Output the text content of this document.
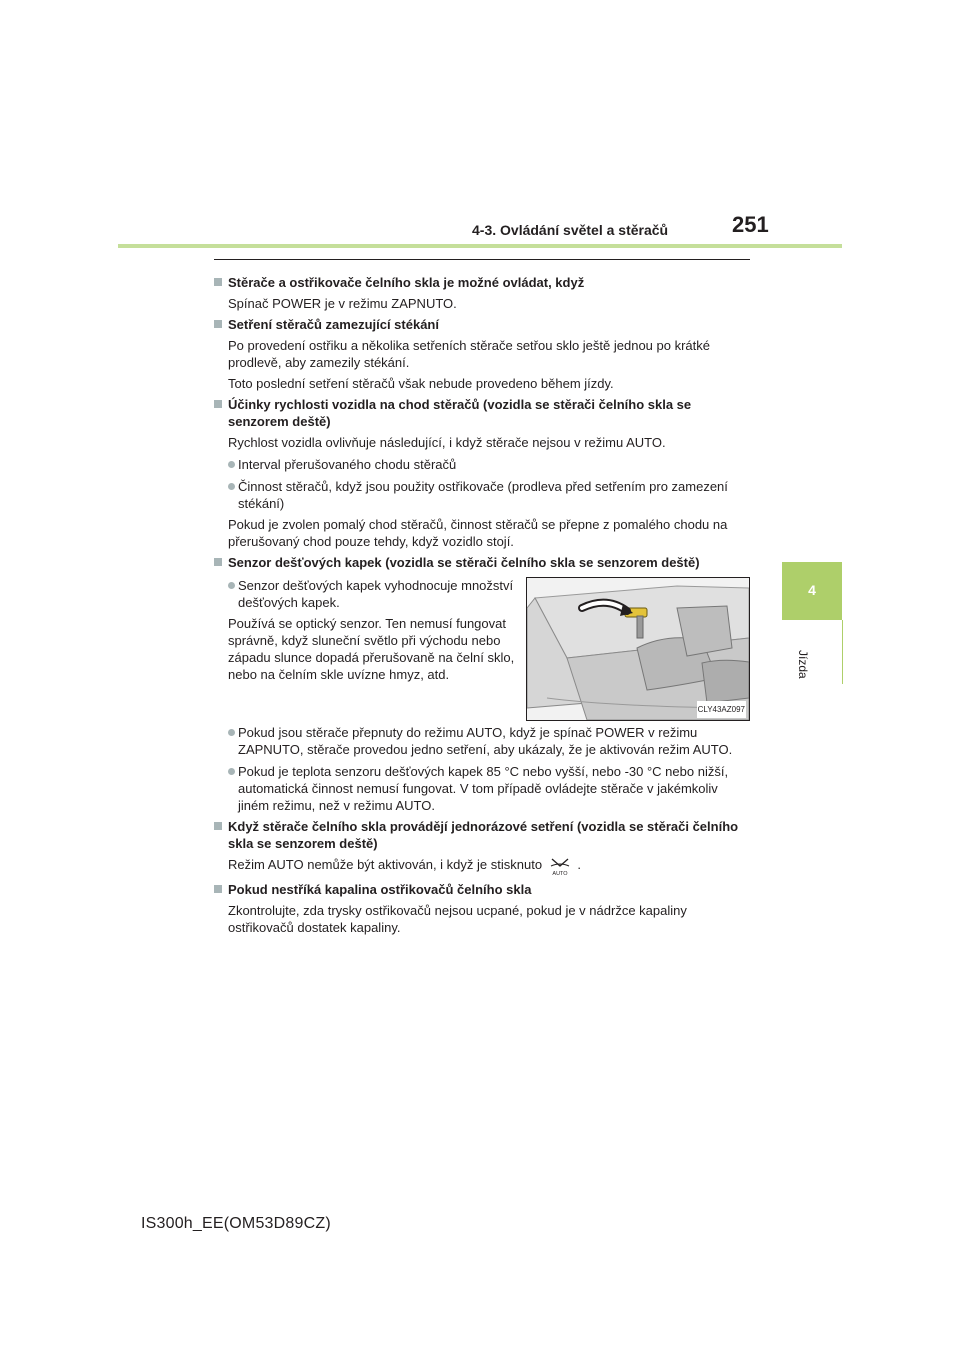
4-3. Ovládání světel a stěračů	251
4
Jízda
Stěrače a ostřikovače čelního skla je možné ovládat, když
Spínač POWER je v režimu ZAPNUTO.
Setření stěračů zamezující stékání
Po provedení ostřiku a několika setřeních stěrače setřou sklo ještě jednou po krátké prodlevě, aby zamezily stékání.
Toto poslední setření stěračů však nebude provedeno během jízdy.
Účinky rychlosti vozidla na chod stěračů (vozidla se stěrači čelního skla se senzorem deště)
Rychlost vozidla ovlivňuje následující, i když stěrače nejsou v režimu AUTO.
Interval přerušovaného chodu stěračů
Činnost stěračů, když jsou použity ostřikovače (prodleva před setřením pro zamezení stékání)
Pokud je zvolen pomalý chod stěračů, činnost stěračů se přepne z pomalého chodu na přerušovaný chod pouze tehdy, když vozidlo stojí.
Senzor dešťových kapek (vozidla se stěrači čelního skla se senzorem deště)
Senzor dešťových kapek vyhodnocuje množství dešťových kapek.
Používá se optický senzor. Ten nemusí fungovat správně, když sluneční světlo při východu nebo západu slunce dopadá přerušovaně na čelní sklo, nebo na čelním skle uvízne hmyz, atd.
CLY43AZ097
Pokud jsou stěrače přepnuty do režimu AUTO, když je spínač POWER v režimu ZAPNUTO, stěrače provedou jedno setření, aby ukázaly, že je aktivován režim AUTO.
Pokud je teplota senzoru dešťových kapek 85 °C nebo vyšší, nebo -30 °C nebo nižší, automatická činnost nemusí fungovat. V tom případě ovládejte stěrače v jakémkoliv jiném režimu, než v režimu AUTO.
Když stěrače čelního skla provádějí jednorázové setření (vozidla se stěrači čelního skla se senzorem deště)
Režim AUTO nemůže být aktivován, i když je stisknuto
AUTO
.
Pokud nestříká kapalina ostřikovačů čelního skla
Zkontrolujte, zda trysky ostřikovačů nejsou ucpané, pokud je v nádržce kapaliny ostřikovačů dostatek kapaliny.
IS300h_EE(OM53D89CZ)
